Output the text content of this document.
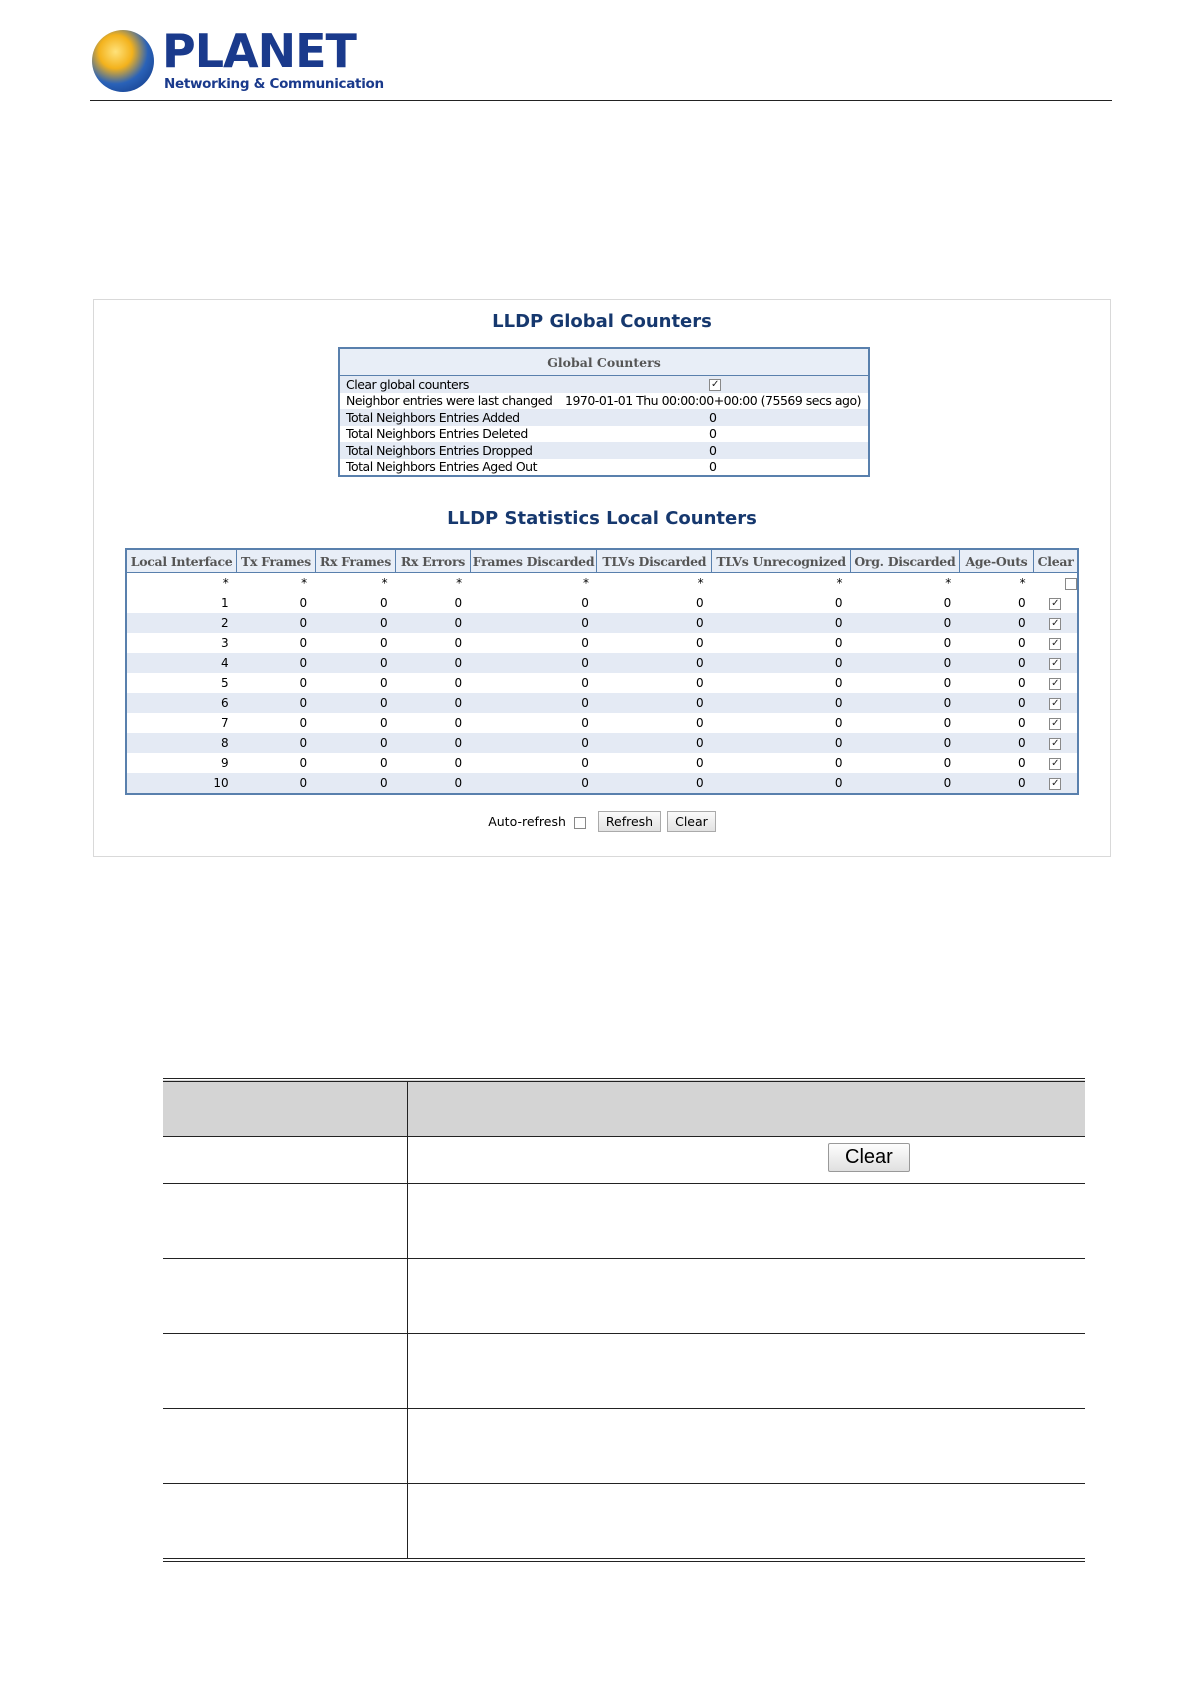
PLANET
Networking & Communication
LLDP Global Counters
Global Counters	
Clear global counters	✓
Neighbor entries were last changed	1970-01-01 Thu 00:00:00+00:00 (75569 secs ago)
Total Neighbors Entries Added	0
Total Neighbors Entries Deleted	0
Total Neighbors Entries Dropped	0
Total Neighbors Entries Aged Out	0
LLDP Statistics Local Counters
Local Interface	Tx Frames	Rx Frames	Rx Errors	Frames Discarded	TLVs Discarded	TLVs Unrecognized	Org. Discarded	Age-Outs	Clear
*	*	*	*	*	*	*	*	*	
1	0	0	0	0	0	0	0	0	✓
2	0	0	0	0	0	0	0	0	✓
3	0	0	0	0	0	0	0	0	✓
4	0	0	0	0	0	0	0	0	✓
5	0	0	0	0	0	0	0	0	✓
6	0	0	0	0	0	0	0	0	✓
7	0	0	0	0	0	0	0	0	✓
8	0	0	0	0	0	0	0	0	✓
9	0	0	0	0	0	0	0	0	✓
10	0	0	0	0	0	0	0	0	✓
Auto-refresh	Refresh Clear

	Clear
